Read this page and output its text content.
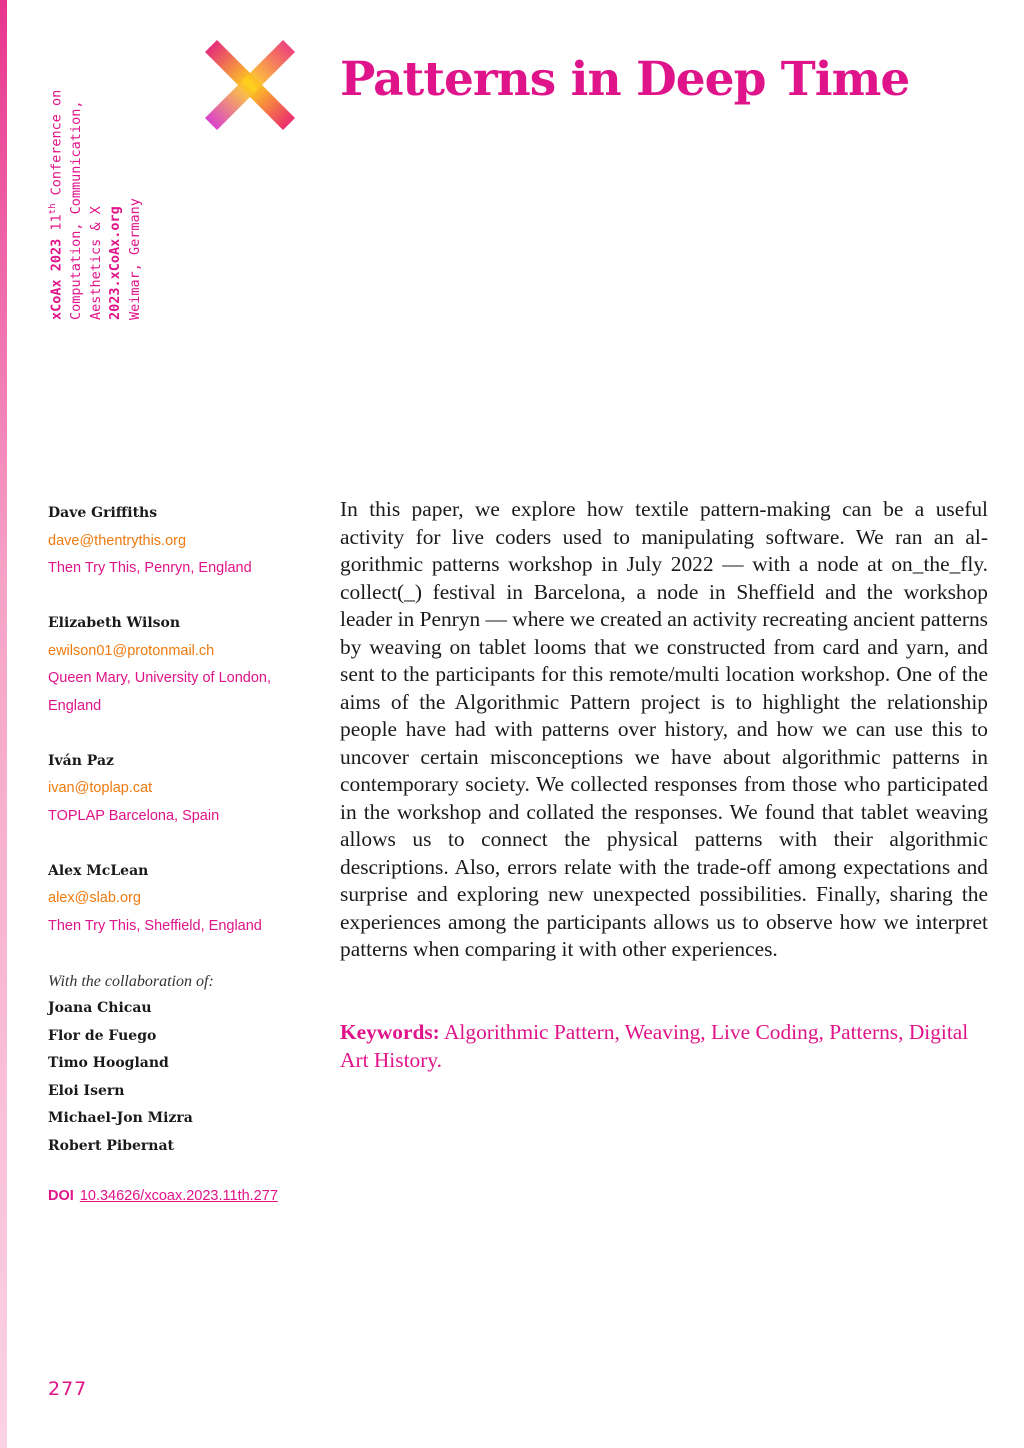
xCoAx 2023 11th Conference on Computation, Communication, Aesthetics & X 2023.xCoAx.org Weimar, Germany
Patterns in Deep Time
Dave Griffiths
dave@thentrythis.org
Then Try This, Penryn, England
Elizabeth Wilson
ewilson01@protonmail.ch
Queen Mary, University of London,
England
Iván Paz
ivan@toplap.cat
TOPLAP Barcelona, Spain
Alex McLean
alex@slab.org
Then Try This, Sheffield, England
With the collaboration of:
Joana Chicau
Flor de Fuego
Timo Hoogland
Eloi Isern
Michael-Jon Mizra
Robert Pibernat
DOI 10.34626/xcoax.2023.11th.277

In this paper, we explore how textile pattern-making can be a useful activity for live coders used to manipulating software. We ran an algorithmic patterns workshop in July 2022 — with a node at on_the_fly.​collect(_) festival in Barcelona, a node in Sheffield and the workshop leader in Penryn — where we created an activity recreating ancient patterns by weaving on tablet looms that we constructed from card and yarn, and sent to the participants for this remote/multi location workshop. One of the aims of the Algorithmic Pattern project is to highlight the relationship people have had with patterns over history, and how we can use this to uncover certain misconceptions we have about algorithmic patterns in contemporary society. We collected responses from those who participated in the workshop and collated the responses. We found that tablet weaving allows us to connect the physical patterns with their algorithmic descriptions. Also, errors relate with the trade-off among expectations and surprise and exploring new unexpected possibilities. Finally, sharing the experiences among the participants allows us to observe how we interpret patterns when comparing it with other experiences.

Keywords: Algorithmic Pattern, Weaving, Live Coding, Patterns, Digital Art History.

277
